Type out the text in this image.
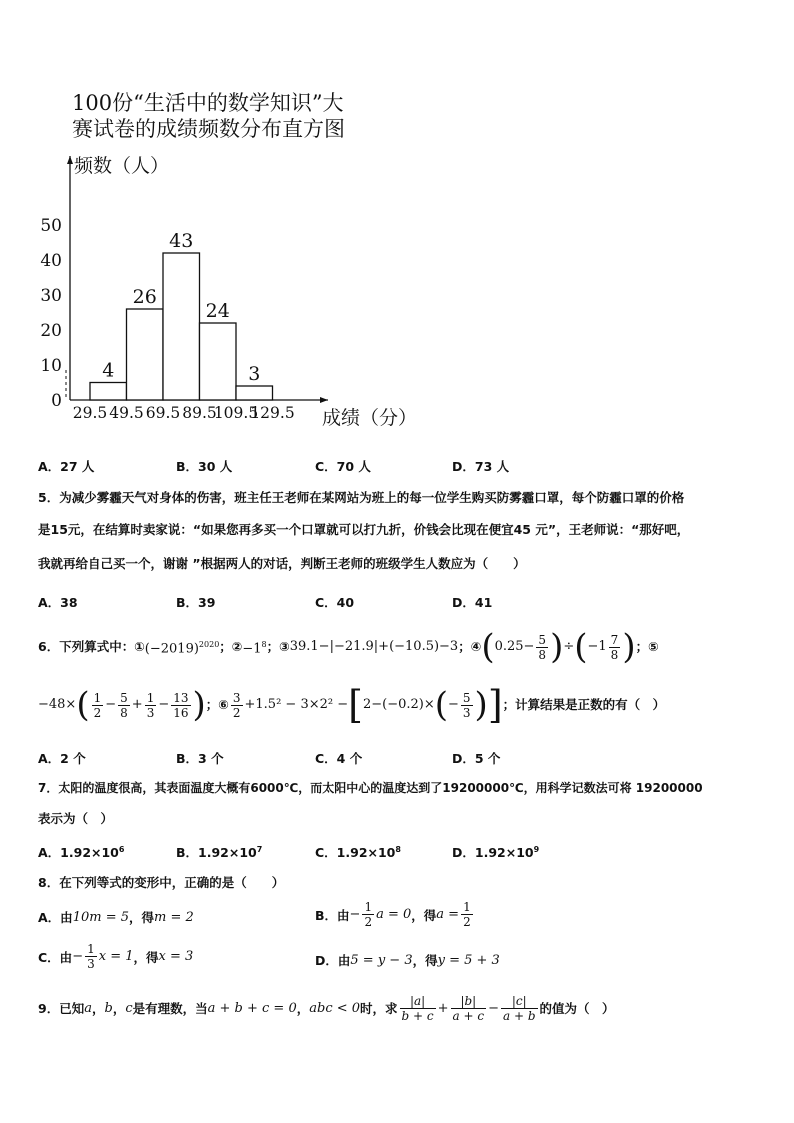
100份“生活中的数学知识”大
赛试卷的成绩频数分布直方图
频数（人）
成绩（分）
0
10
20
30
40
50
29.5 49.5 69.5 89.5
109.5
129.5
4
26
43
24
3
A．27 人	B．30 人	C．70 人	D．73 人
5．为减少雾霾天气对身体的伤害，班主任王老师在某网站为班上的每一位学生购买防雾霾口罩，每个防霾口罩的价格
是15元，在结算时卖家说：“如果您再多买一个口罩就可以打九折，价钱会比现在便宜45 元”，王老师说：“那好吧，
我就再给自己买一个，谢谢 ”根据两人的对话，判断王老师的班级学生人数应为（　　）
A．38	B．39	C．40	D．41
6．下列算式中：① $(-2019)^{2020}$ ；② $-1^8$ ；③ 39.1−|−21.9|+(−10.5)−3 ；④ ( $0.25- \frac{5}{8}$ ) ÷ ( $-1 \frac{7}{8}$ ) ；⑤
−48× ( $\frac{1}{2} - \frac{5}{8} + \frac{1}{3} - \frac{13}{16}$ ) ；⑥ $\frac{3}{2} +1.5^2 - 3\times 2^2$ − [ 2−(−0.2)× ( − $\frac{5}{3}$ ) ] ；计算结果是正数的有（　）
A．2 个	B．3 个	C．4 个	D．5 个
7．太阳的温度很高，其表面温度大概有6000℃，而太阳中心的温度达到了19200000℃，用科学记数法可将 19200000
表示为（　）
A．$1.92\times 10^6$	B．$1.92\times 10^7$	C．$1.92\times 10^8$	D．$1.92\times 10^9$
8．在下列等式的变形中，正确的是（　　）
A．由 10m = 5 ，得 m = 2	B．由 − $\frac{1}{2}$ a = 0 ，得 $a = \frac{1}{2}$
C．由 − $\frac{1}{3}$ x = 1 ，得 x = 3	D．由 5 = y − 3 ，得 y = 5 + 3
9．已知 a ， b ， c 是有理数，当 a + b + c = 0 ， abc < 0 时，求 $\frac{|a|}{b + c} + \frac{|b|}{a + c} - \frac{|c|}{a + b}$ 的值为（　）
